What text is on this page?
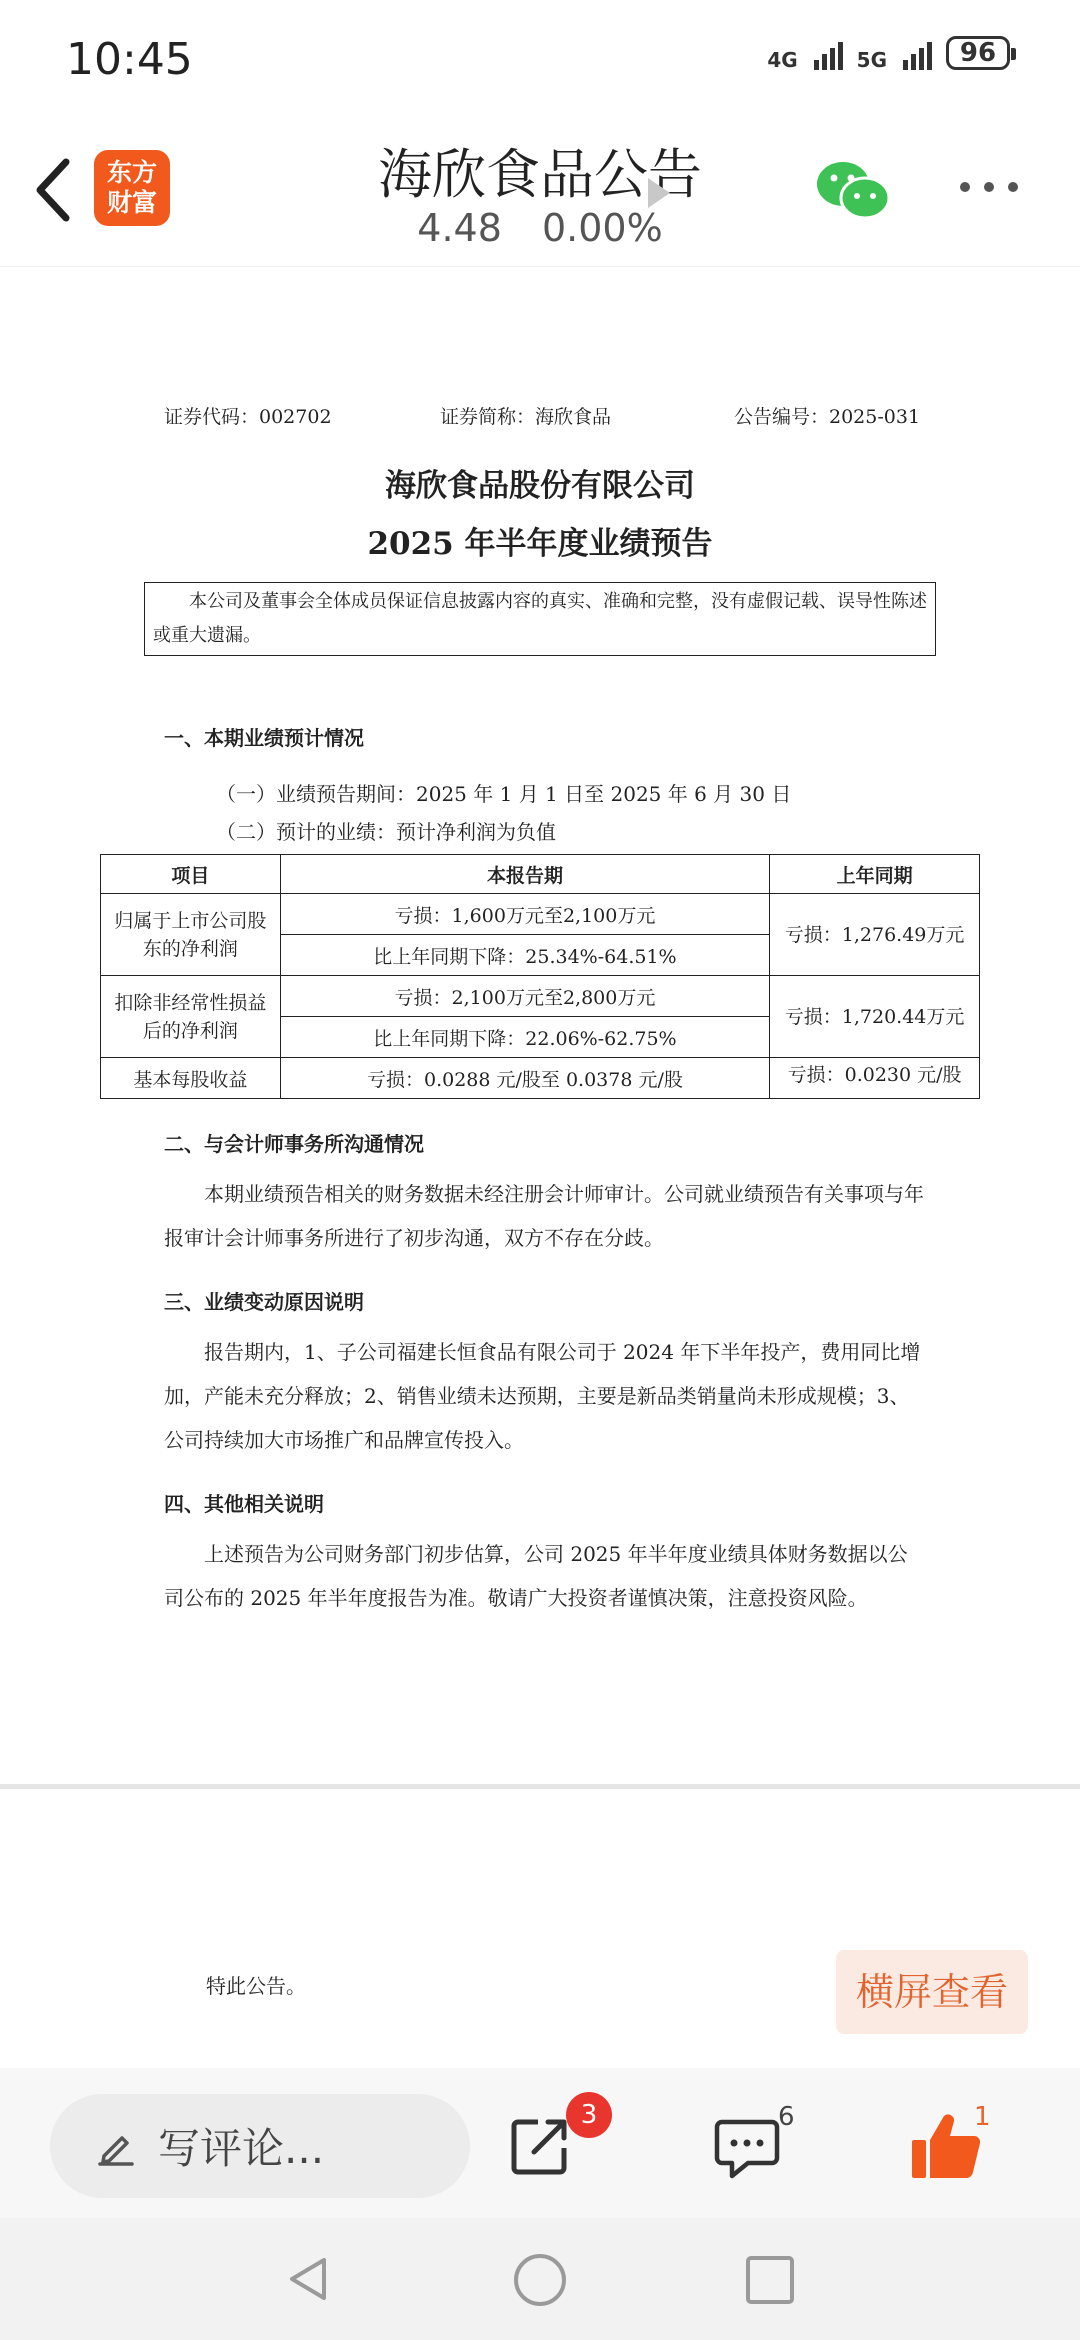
10:45	4G	5G	96
东方
财富	海欣食品公告
4.48 0.00%
证券代码：002702	证券简称：海欣食品	公告编号：2025-031
海欣食品股份有限公司
2025 年半年度业绩预告

本公司及董事会全体成员保证信息披露内容的真实、准确和完整，没有虚假记载、误导性陈述或重大遗漏。

一、本期业绩预计情况
（一）业绩预告期间：2025 年 1 月 1 日至 2025 年 6 月 30 日
（二）预计的业绩：预计净利润为负值
项目	本报告期	上年同期
归属于上市公司股东的净利润	亏损：1,600万元至2,100万元	亏损：1,276.49万元
	比上年同期下降：25.34%-64.51%	
扣除非经常性损益后的净利润	亏损：2,100万元至2,800万元	亏损：1,720.44万元
	比上年同期下降：22.06%-62.75%	
基本每股收益	亏损：0.0288 元/股至 0.0378 元/股	亏损：0.0230 元/股
二、与会计师事务所沟通情况

本期业绩预告相关的财务数据未经注册会计师审计。公司就业绩预告有关事项与年报审计会计师事务所进行了初步沟通，双方不存在分歧。

三、业绩变动原因说明

报告期内，1、子公司福建长恒食品有限公司于 2024 年下半年投产，费用同比增加，产能未充分释放；2、销售业绩未达预期，主要是新品类销量尚未形成规模；3、公司持续加大市场推广和品牌宣传投入。

四、其他相关说明

上述预告为公司财务部门初步估算，公司 2025 年半年度业绩具体财务数据以公司公布的 2025 年半年度报告为准。敬请广大投资者谨慎决策，注意投资风险。

特此公告。	横屏查看
写评论...
3	6	1
